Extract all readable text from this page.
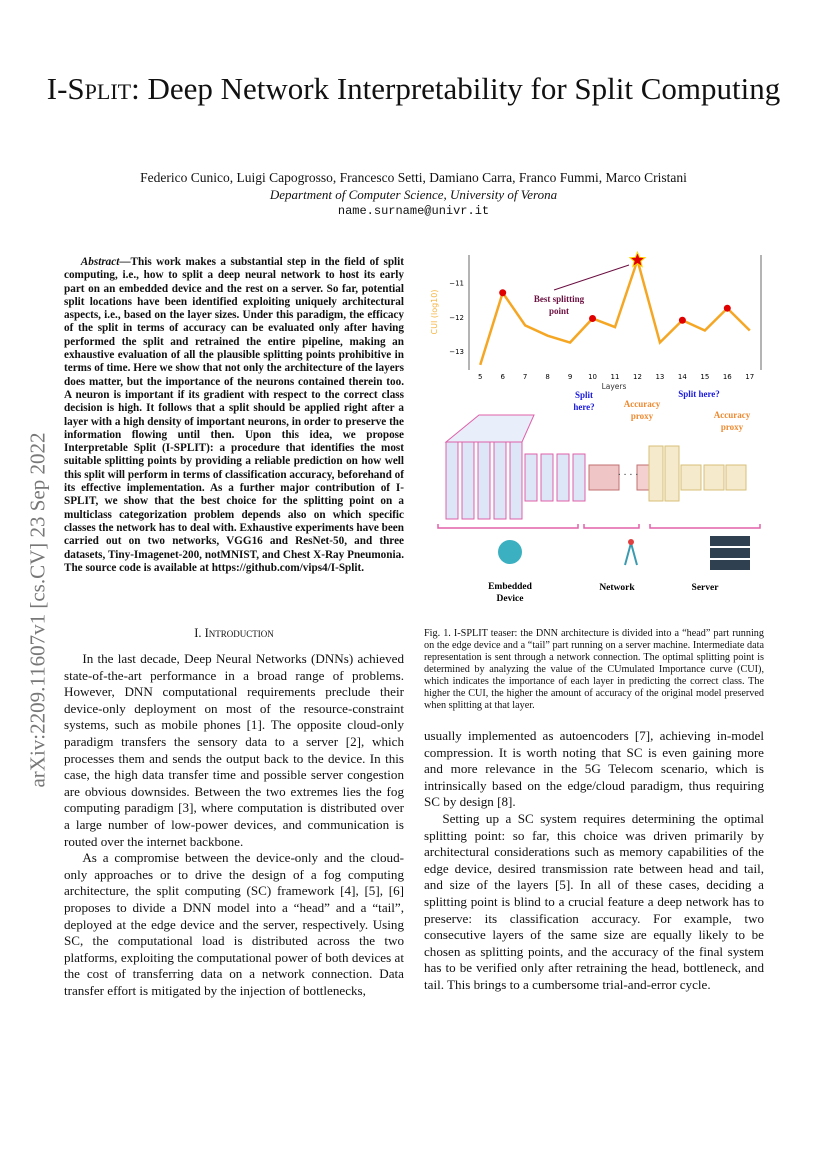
arXiv:2209.11607v1 [cs.CV] 23 Sep 2022
I-Split: Deep Network Interpretability for Split Computing
Federico Cunico, Luigi Capogrosso, Francesco Setti, Damiano Carra, Franco Fummi, Marco Cristani
Department of Computer Science, University of Verona
name.surname@univr.it
Abstract—This work makes a substantial step in the field of split computing, i.e., how to split a deep neural network to host its early part on an embedded device and the rest on a server. So far, potential split locations have been identified exploiting uniquely architectural aspects, i.e., based on the layer sizes. Under this paradigm, the efficacy of the split in terms of accuracy can be evaluated only after having performed the split and retrained the entire pipeline, making an exhaustive evaluation of all the plausible splitting points prohibitive in terms of time. Here we show that not only the architecture of the layers does matter, but the importance of the neurons contained therein too. A neuron is important if its gradient with respect to the correct class decision is high. It follows that a split should be applied right after a layer with a high density of important neurons, in order to preserve the information flowing until then. Upon this idea, we propose Interpretable Split (I-SPLIT): a procedure that identifies the most suitable splitting points by providing a reliable prediction on how well this split will perform in terms of classification accuracy, beforehand of its effective implementation. As a further major contribution of I-SPLIT, we show that the best choice for the splitting point on a multiclass categorization problem depends also on which specific classes the network has to deal with. Exhaustive experiments have been carried out on two networks, VGG16 and ResNet-50, and three datasets, Tiny-Imagenet-200, notMNIST, and Chest X-Ray Pneumonia. The source code is available at https://github.com/vips4/I-Split.
I. Introduction

In the last decade, Deep Neural Networks (DNNs) achieved state-of-the-art performance in a broad range of problems. However, DNN computational requirements preclude their device-only deployment on most of the resource-constraint systems, such as mobile phones [1]. The opposite cloud-only paradigm transfers the sensory data to a server [2], which processes them and sends the output back to the device. In this case, the high data transfer time and possible server congestion are obvious downsides. Between the two extremes lies the fog computing paradigm [3], where computation is distributed over a large number of low-power devices, and communication is routed over the internet backbone.

As a compromise between the device-only and the cloud-only approaches or to drive the design of a fog computing architecture, the split computing (SC) framework [4], [5], [6] proposes to divide a DNN model into a “head” and a “tail”, deployed at the edge device and the server, respectively. Using SC, the computational load is distributed across the two platforms, exploiting the computational power of both devices at the cost of transferring data on a network connection. Data transfer effort is mitigated by the injection of bottlenecks,

−11
−12
−13
5	6	7	8	9 10 11 12 13 14 15 16 17
CUI (log10)
Layers
Best splitting
point
Split
here?
Split here?
Accuracy
proxy	Accuracy
proxy
· · · ·
Embedded
Device
Network	Server
Fig. 1. I-SPLIT teaser: the DNN architecture is divided into a “head” part running on the edge device and a “tail” part running on a server machine. Intermediate data representation is sent through a network connection. The optimal splitting point is determined by analyzing the value of the CUmulated Importance curve (CUI), which indicates the importance of each layer in predicting the correct class. The higher the CUI, the higher the amount of accuracy of the original model preserved when splitting at that layer.

usually implemented as autoencoders [7], achieving in-model compression. It is worth noting that SC is even gaining more and more relevance in the 5G Telecom scenario, which is intrinsically based on the edge/cloud paradigm, thus requiring SC by design [8].

Setting up a SC system requires determining the optimal splitting point: so far, this choice was driven primarily by architectural considerations such as memory capabilities of the edge device, desired transmission rate between head and tail, and size of the layers [5]. In all of these cases, deciding a splitting point is blind to a crucial feature a deep network has to preserve: its classification accuracy. For example, two consecutive layers of the same size are equally likely to be chosen as splitting points, and the accuracy of the final system has to be verified only after retraining the head, bottleneck, and tail. This brings to a cumbersome trial-and-error cycle.
